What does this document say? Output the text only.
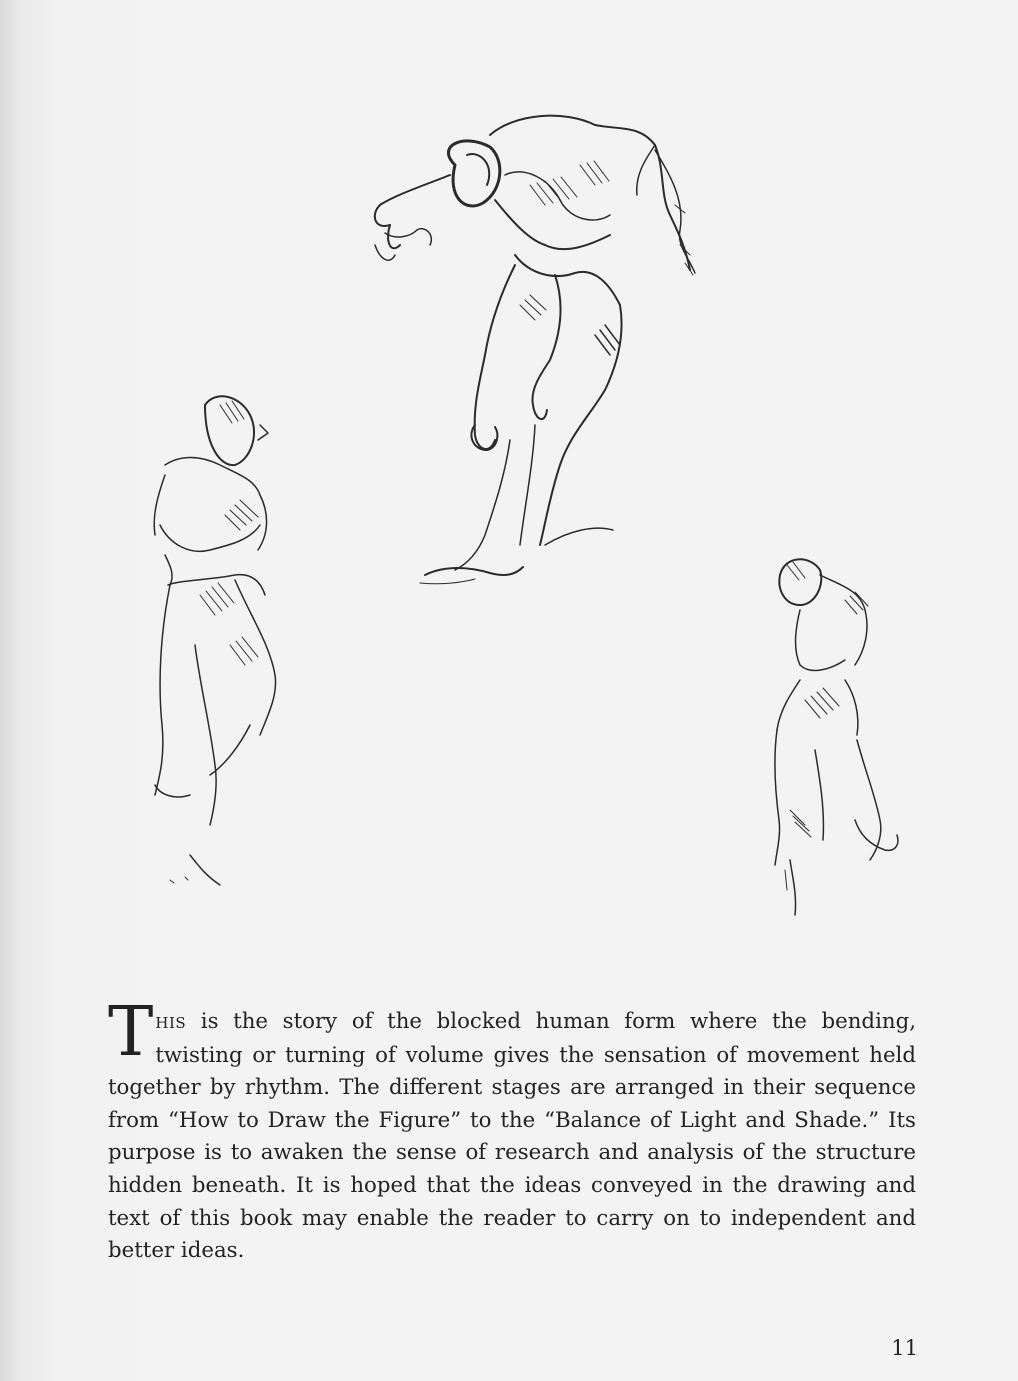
THIS is the story of the blocked human form where the bending, twisting or turning of volume gives the sensation of movement held together by rhythm. The different stages are arranged in their sequence from “How to Draw the Figure” to the “Balance of Light and Shade.” Its purpose is to awaken the sense of research and analysis of the structure hidden beneath. It is hoped that the ideas conveyed in the drawing and text of this book may enable the reader to carry on to independent and better ideas.

11
